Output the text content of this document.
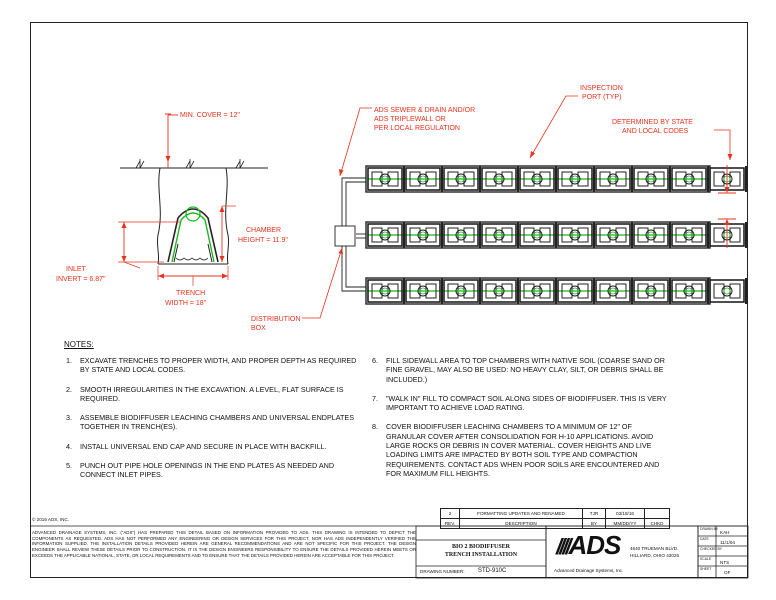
MIN. COVER = 12"
CHAMBER
HEIGHT = 11.9"
INLET
INVERT = 6.87"
TRENCH
WIDTH = 18"
ADS SEWER & DRAIN AND/OR
ADS TRIPLEWALL OR
PER LOCAL REGULATION
INSPECTION
PORT (TYP)
DETERMINED BY STATE
AND LOCAL CODES
DISTRIBUTION
BOX
NOTES:
1. EXCAVATE TRENCHES TO PROPER WIDTH, AND PROPER DEPTH AS REQUIRED BY STATE AND LOCAL CODES.
2. SMOOTH IRREGULARITIES IN THE EXCAVATION. A LEVEL, FLAT SURFACE IS REQUIRED.
3. ASSEMBLE BIODIFFUSER LEACHING CHAMBERS AND UNIVERSAL ENDPLATES TOGETHER IN TRENCH(ES).
4. INSTALL UNIVERSAL END CAP AND SECURE IN PLACE WITH BACKFILL.
5. PUNCH OUT PIPE HOLE OPENINGS IN THE END PLATES AS NEEDED AND CONNECT INLET PIPES.
6. FILL SIDEWALL AREA TO TOP CHAMBERS WITH NATIVE SOIL (COARSE SAND OR FINE GRAVEL, MAY ALSO BE USED: NO HEAVY CLAY, SILT, OR DEBRIS SHALL BE INCLUDED.)
7. "WALK IN" FILL TO COMPACT SOIL ALONG SIDES OF BIODIFFUSER. THIS IS VERY IMPORTANT TO ACHIEVE LOAD RATING.
8. COVER BIODIFFUSER LEACHING CHAMBERS TO A MINIMUM OF 12" OF GRANULAR COVER AFTER CONSOLIDATION FOR H-10 APPLICATIONS. AVOID LARGE ROCKS OR DEBRIS IN COVER MATERIAL. COVER HEIGHTS AND LIVE LOADING LIMITS ARE IMPACTED BY BOTH SOIL TYPE AND COMPACTION REQUIREMENTS. CONTACT ADS WHEN POOR SOILS ARE ENCOUNTERED AND FOR MAXIMUM FILL HEIGHTS.
© 2016 ADS, INC.
ADVANCED DRAINAGE SYSTEMS, INC. ("ADS") HAS PREPARED THIS DETAIL BASED ON INFORMATION PROVIDED TO ADS. THIS DRAWING IS INTENDED TO DEPICT THE COMPONENTS AS REQUESTED. ADS HAS NOT PERFORMED ANY ENGINEERING OR DESIGN SERVICES FOR THIS PROJECT, NOR HAS ADS INDEPENDENTLY VERIFIED THE INFORMATION SUPPLIED. THE INSTALLATION DETAILS PROVIDED HEREIN ARE GENERAL RECOMMENDATIONS AND ARE NOT SPECIFIC FOR THIS PROJECT. THE DESIGN ENGINEER SHALL REVIEW THESE DETAILS PRIOR TO CONSTRUCTION. IT IS THE DESIGN ENGINEERS RESPONSIBILITY TO ENSURE THE DETAILS PROVIDED HEREIN MEETS OR EXCEEDS THE APPLICABLE NATIONAL, STATE, OR LOCAL REQUIREMENTS AND TO ENSURE THAT THE DETAILS PROVIDED HEREIN ARE ACCEPTABLE FOR THIS PROJECT.
2	FORMATTING UPDATES AND RENAMED	TJR	03/18/16	
REV.	DESCRIPTION	BY	MM/DD/YY	CHKD
BIO 2 BIODIFFUSER
TRENCH INSTALLATION
DRAWING NUMBER: STD-910C
////ADS
Advanced Drainage Systems, Inc.
4640 TRUEMAN BLVD.
HILLIARD, OHIO 43026
DRAWN BY
KAH
DATE
11/1/04
CHECKED BY
SCALE
NTS
SHEET
OF
